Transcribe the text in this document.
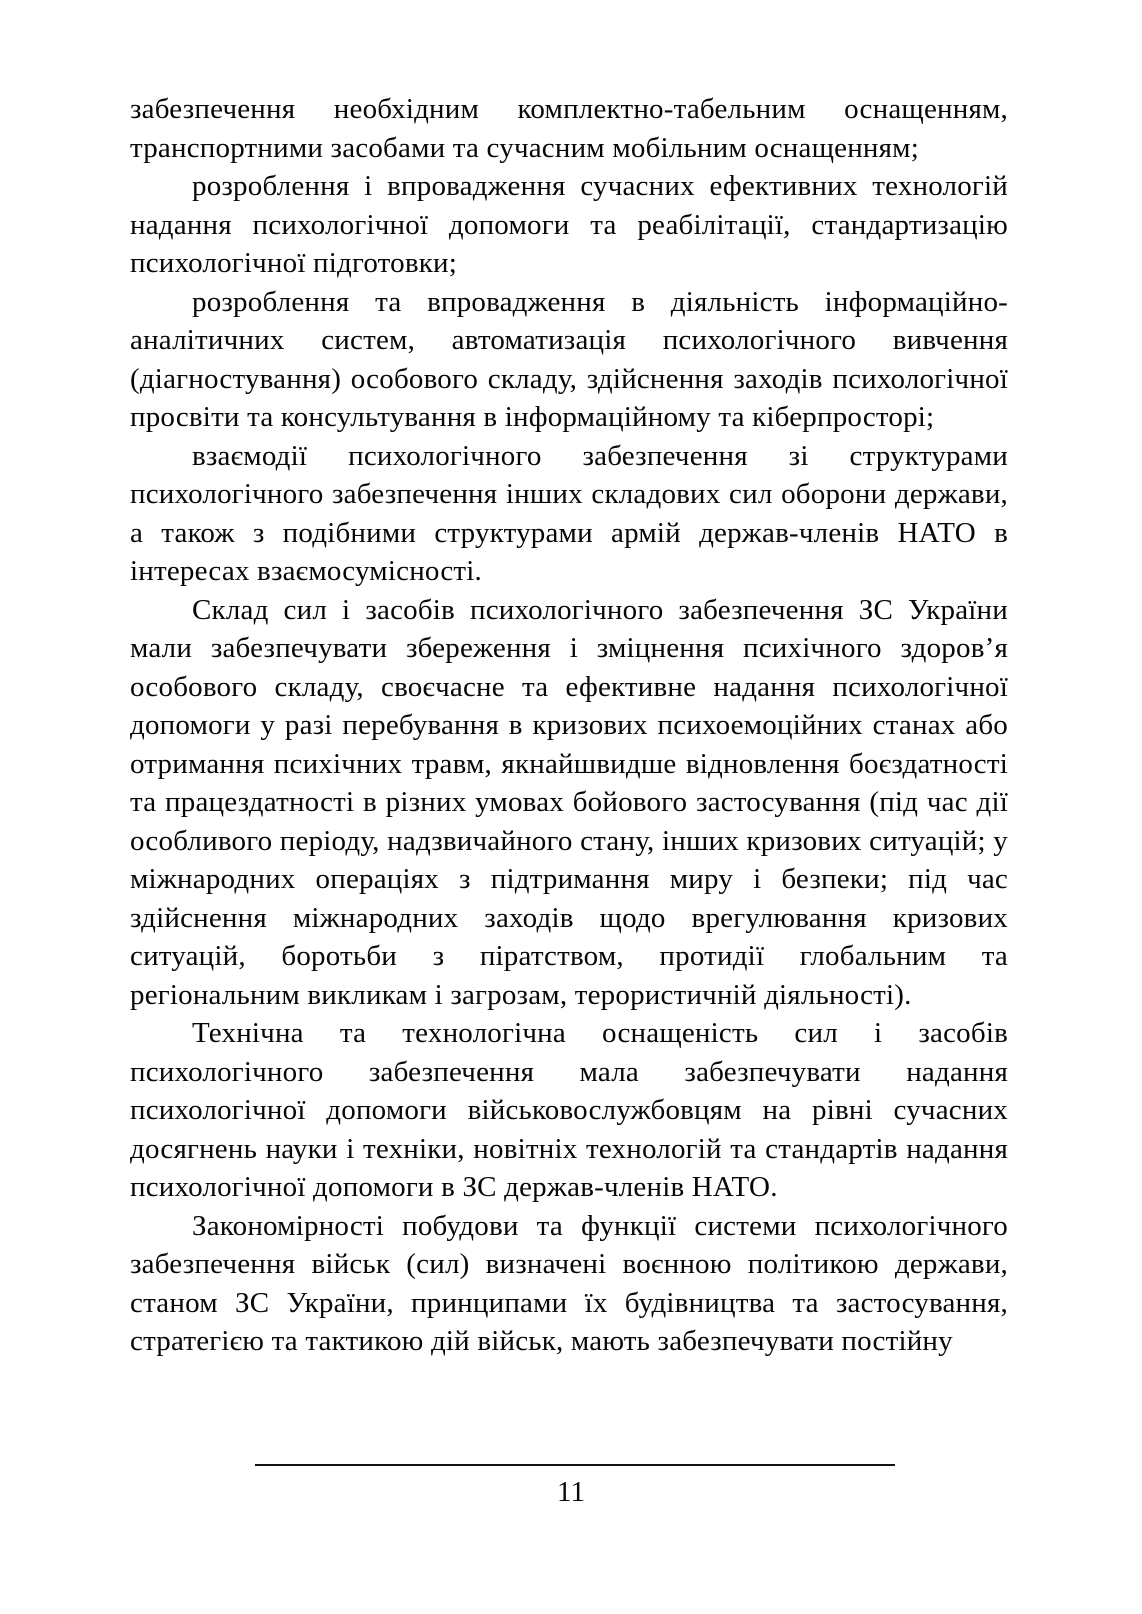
забезпечення необхідним комплектно-табельним оснащенням, транспортними засобами та сучасним мобільним оснащенням;

розроблення і впровадження сучасних ефективних технологій надання психологічної допомоги та реабілітації, стандартизацію психологічної підготовки;

розроблення та впровадження в діяльність інформаційно-аналітичних систем, автоматизація психологічного вивчення (діагностування) особового складу, здійснення заходів психологічної просвіти та консультування в інформаційному та кіберпросторі;

взаємодії психологічного забезпечення зі структурами психологічного забезпечення інших складових сил оборони держави, а також з подібними структурами армій держав-членів НАТО в інтересах взаємосумісності.

Склад сил і засобів психологічного забезпечення ЗС України мали забезпечувати збереження і зміцнення психічного здоров’я особового складу, своєчасне та ефективне надання психологічної допомоги у разі перебування в кризових психоемоційних станах або отримання психічних травм, якнайшвидше відновлення боєздатності та працездатності в різних умовах бойового застосування (під час дії особливого періоду, надзвичайного стану, інших кризових ситуацій; у міжнародних операціях з підтримання миру і безпеки; під час здійснення міжнародних заходів щодо врегулювання кризових ситуацій, боротьби з піратством, протидії глобальним та регіональним викликам і загрозам, терористичній діяльності).

Технічна та технологічна оснащеність сил і засобів психологічного забезпечення мала забезпечувати надання психологічної допомоги військовослужбовцям на рівні сучасних досягнень науки і техніки, новітніх технологій та стандартів надання психологічної допомоги в ЗС держав-членів НАТО.

Закономірності побудови та функції системи психологічного забезпечення військ (сил) визначені воєнною політикою держави, станом ЗС України, принципами їх будівництва та застосування, стратегією та тактикою дій військ, мають забезпечувати постійну

11
